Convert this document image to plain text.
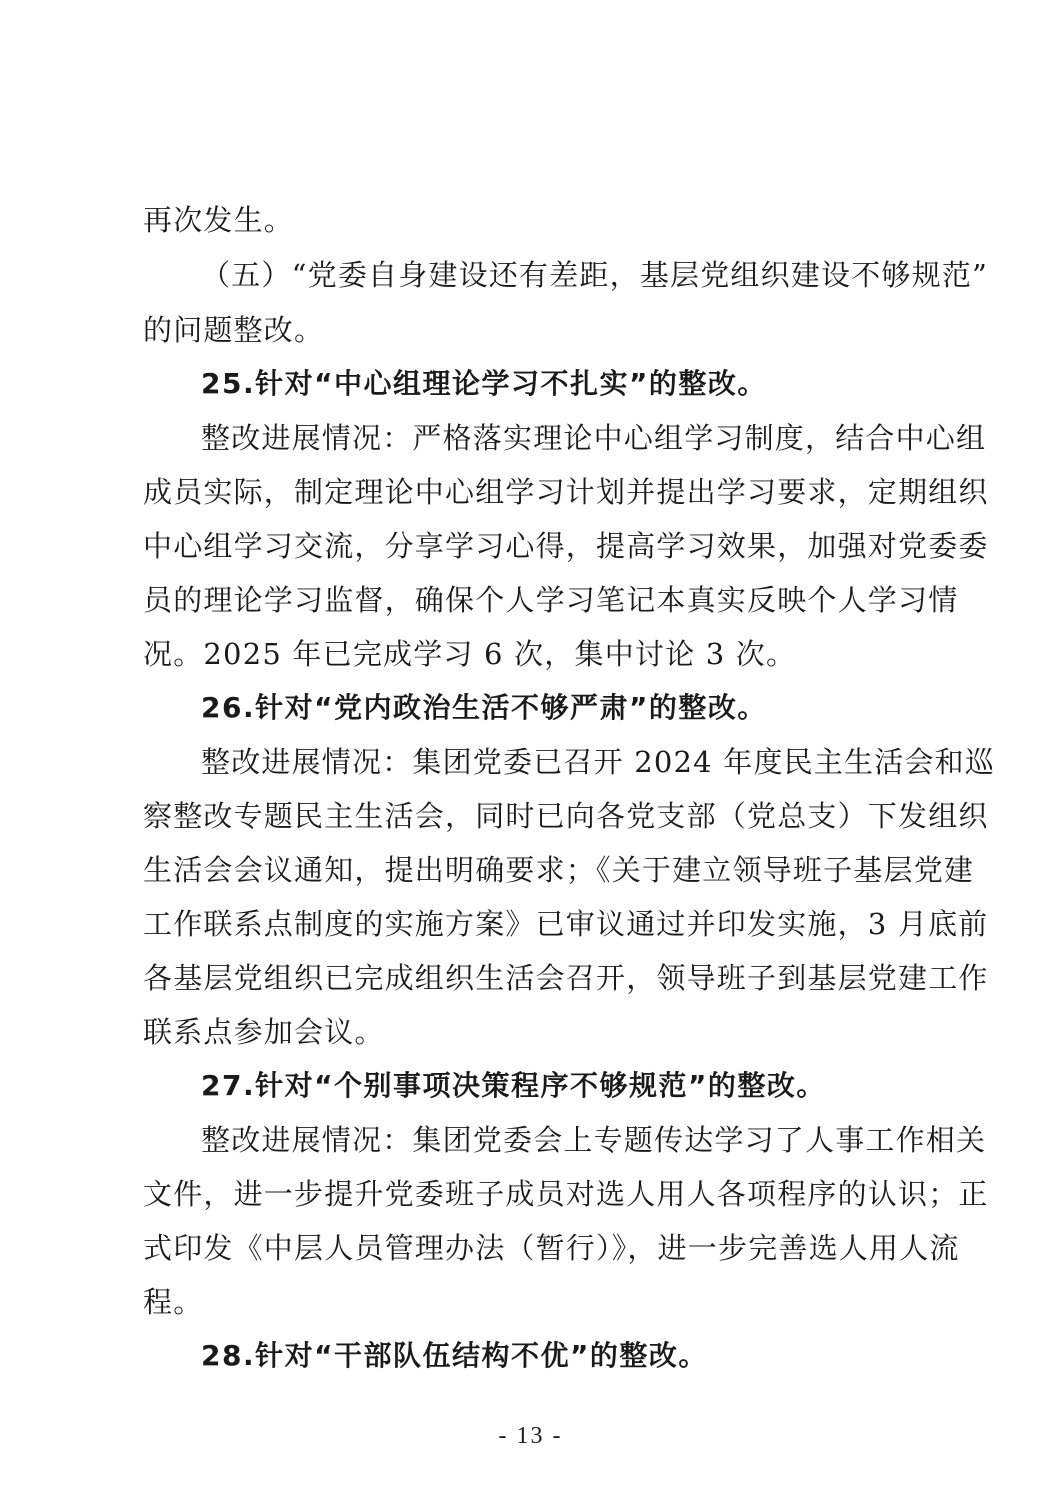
再次发生。
（五）“党委自身建设还有差距，基层党组织建设不够规范”
的问题整改。
25.针对“中心组理论学习不扎实”的整改。
整改进展情况：严格落实理论中心组学习制度，结合中心组
成员实际，制定理论中心组学习计划并提出学习要求，定期组织
中心组学习交流，分享学习心得，提高学习效果，加强对党委委
员的理论学习监督，确保个人学习笔记本真实反映个人学习情
况。2025 年已完成学习 6 次，集中讨论 3 次。
26.针对“党内政治生活不够严肃”的整改。
整改进展情况：集团党委已召开 2024 年度民主生活会和巡
察整改专题民主生活会，同时已向各党支部（党总支）下发组织
生活会会议通知，提出明确要求；《关于建立领导班子基层党建
工作联系点制度的实施方案》已审议通过并印发实施，3 月底前
各基层党组织已完成组织生活会召开，领导班子到基层党建工作
联系点参加会议。
27.针对“个别事项决策程序不够规范”的整改。
整改进展情况：集团党委会上专题传达学习了人事工作相关
文件，进一步提升党委班子成员对选人用人各项程序的认识；正
式印发《中层人员管理办法（暂行）》，进一步完善选人用人流
程。
28.针对“干部队伍结构不优”的整改。
- 13 -
